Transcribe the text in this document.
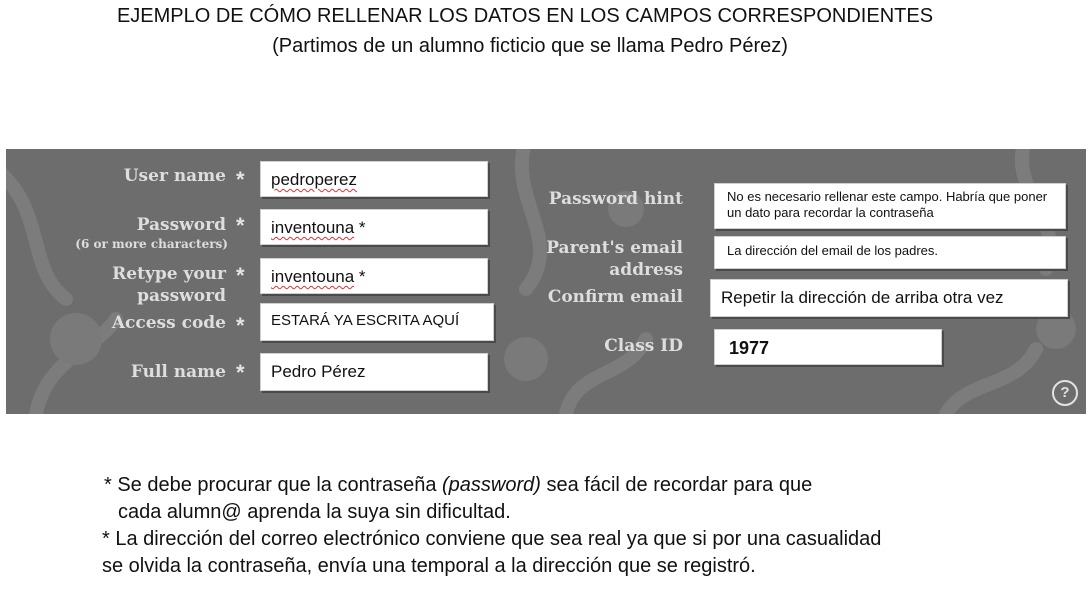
EJEMPLO DE CÓMO RELLENAR LOS DATOS EN LOS CAMPOS CORRESPONDIENTES
(Partimos de un alumno ficticio que se llama Pedro Pérez)
User name *
Password
(6 or more characters)
*
Retype your
password
*
Access code *
Full name *
pedroperez
inventouna *
inventouna *
ESTARÁ YA ESCRITA AQUÍ
Pedro Pérez
Password hint
Parent's email
address
Confirm email
Class ID
No es necesario rellenar este campo. Habría que poner un dato para recordar la contraseña
La dirección del email de los padres.
Repetir la dirección de arriba otra vez
1977
?
* Se debe procurar que la contraseña (password) sea fácil de recordar para que
cada alumn@ aprenda la suya sin dificultad.
* La dirección del correo electrónico conviene que sea real ya que si por una casualidad
se olvida la contraseña, envía una temporal a la dirección que se registró.
